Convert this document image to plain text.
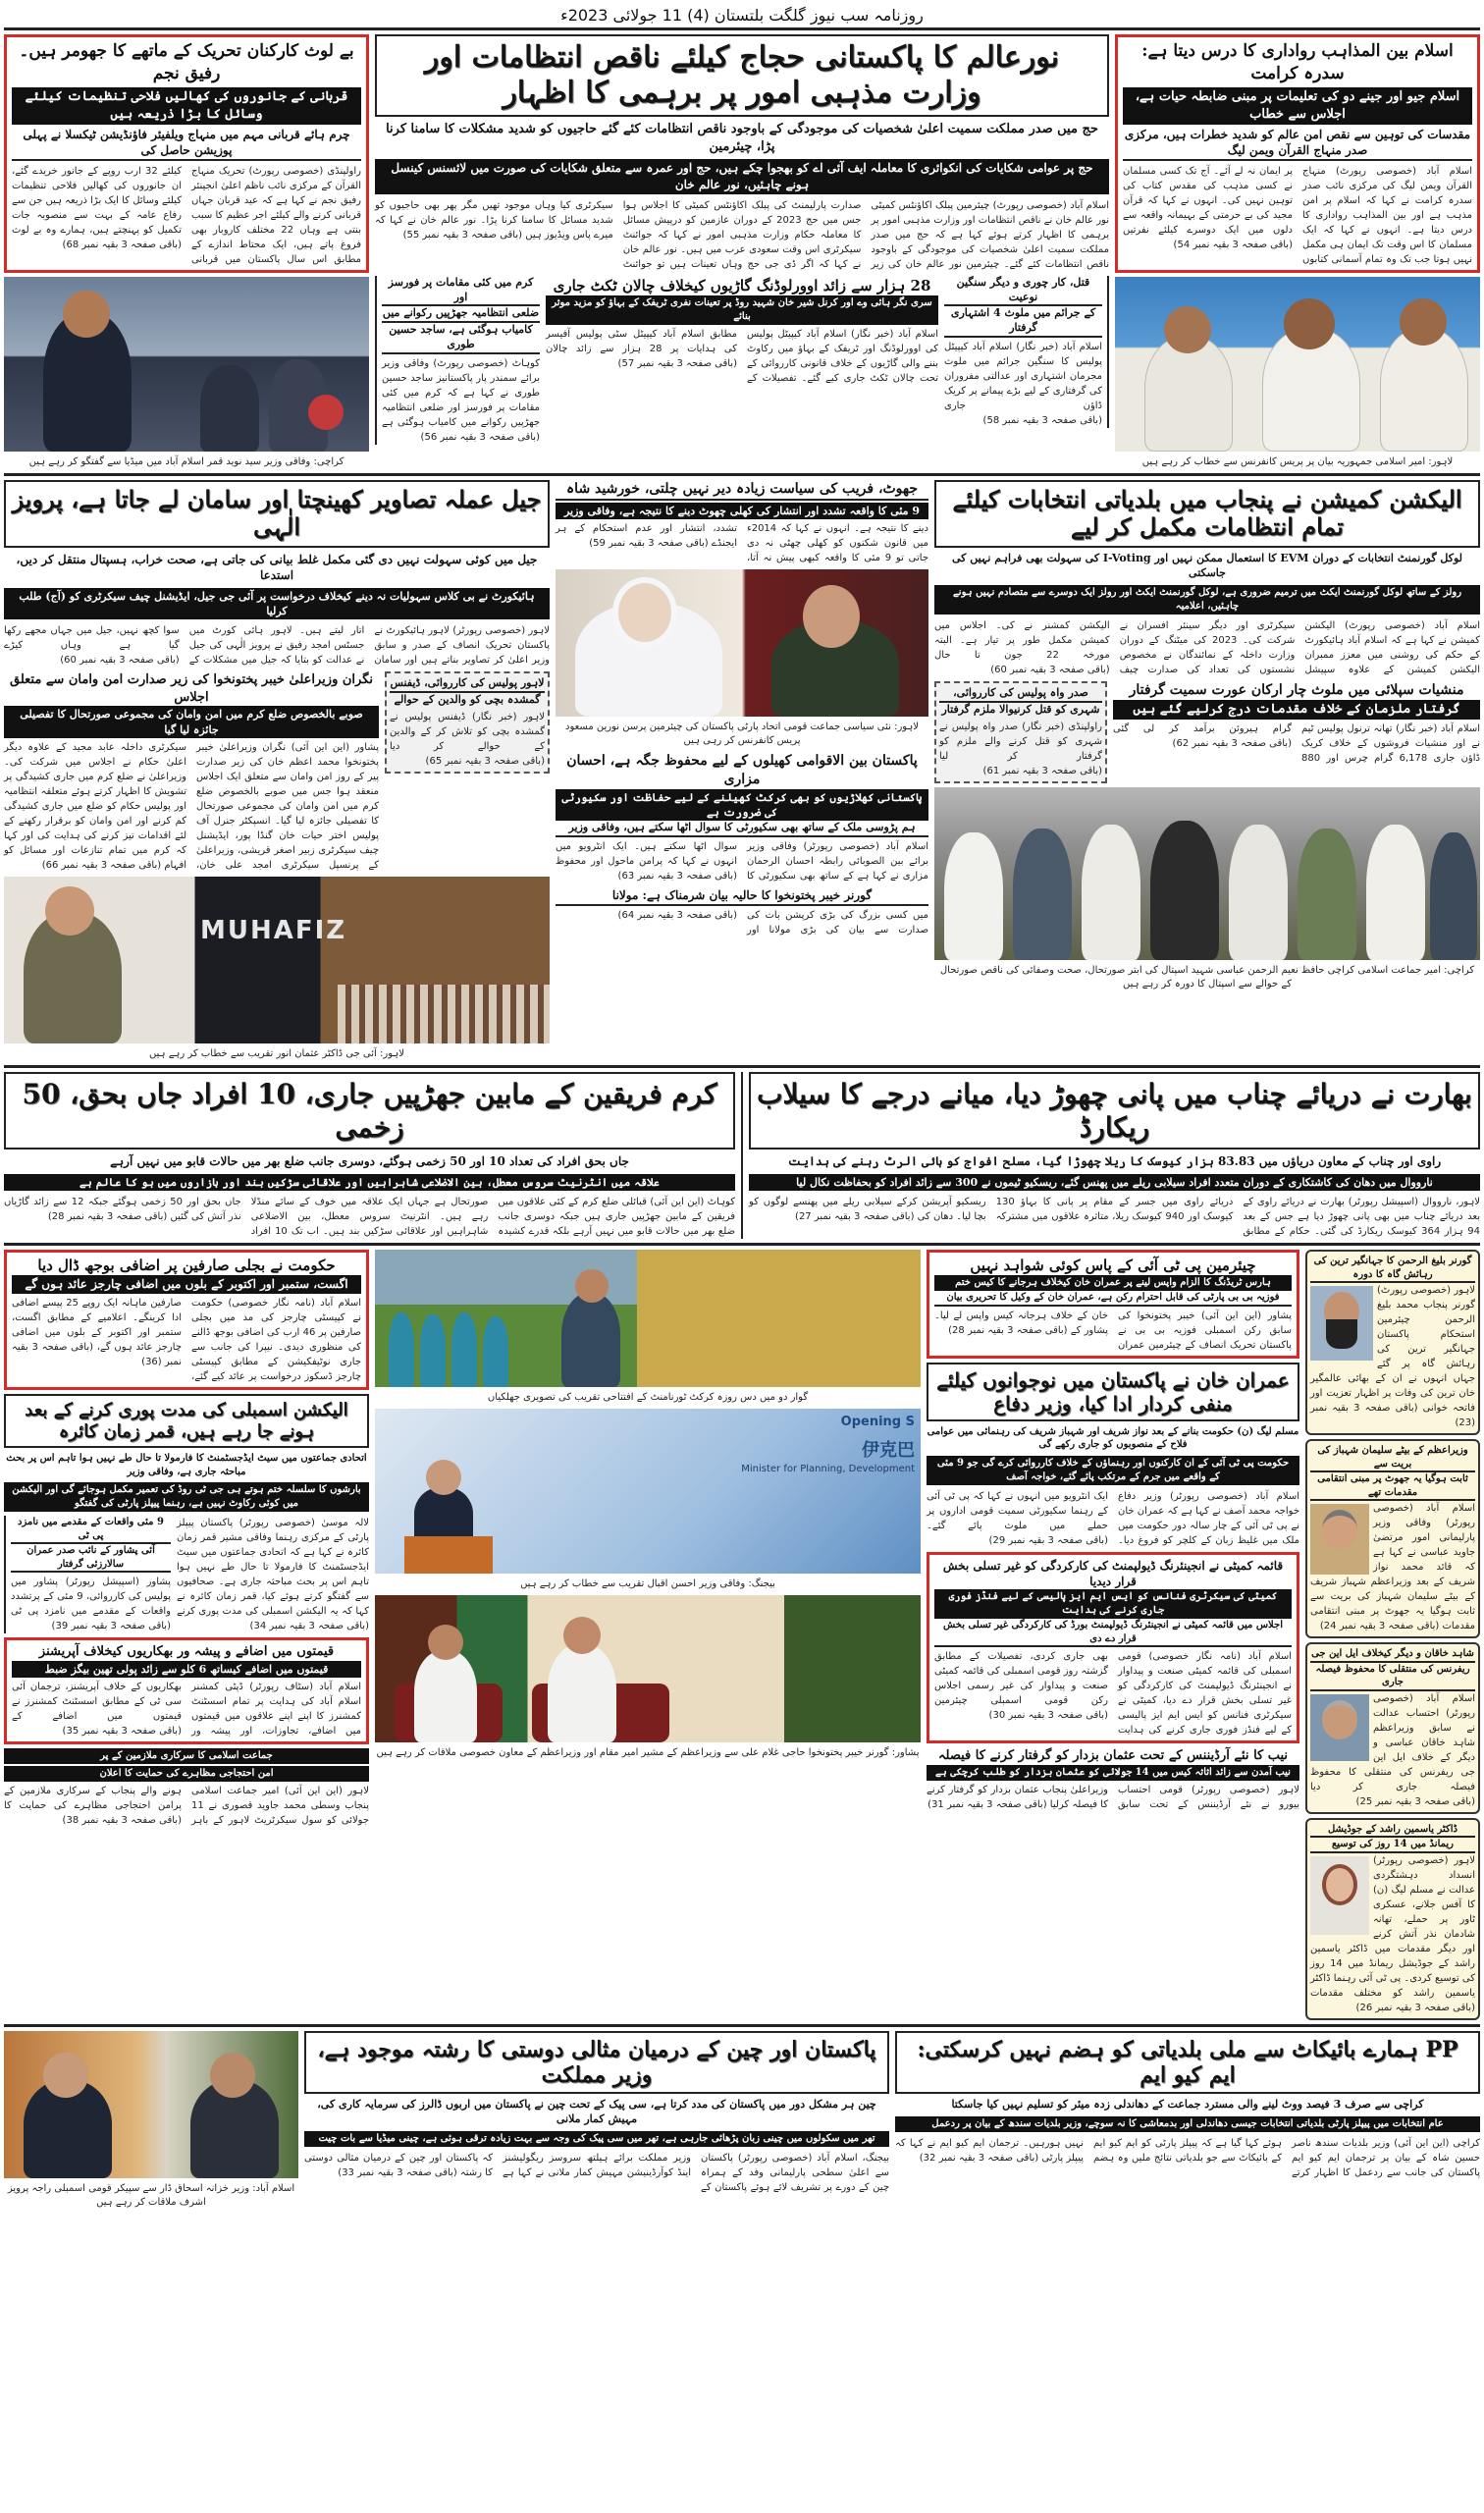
روزنامہ سب نیوز گلگت بلتستان (4) 11 جولائی 2023ء
اسلام بین المذاہب رواداری کا درس دیتا ہے: سدرہ کرامت
اسلام جیو اور جینے دو کی تعلیمات پر مبنی ضابطہ حیات ہے، اجلاس سے خطاب
مقدسات کی توہین سے نقص امن عالم کو شدید خطرات ہیں، مرکزی صدر منہاج القرآن ویمن لیگ
اسلام آباد (خصوصی رپورٹ) منہاج القرآن ویمن لیگ کی مرکزی نائب صدر سدرہ کرامت نے کہا کہ اسلام پر امن مذہب ہے اور بین المذاہب رواداری کا درس دیتا ہے۔ انہوں نے کہا کہ ایک مسلمان کا اس وقت تک ایمان ہی مکمل نہیں ہوتا جب تک وہ تمام آسمانی کتابوں پر ایمان نہ لے آئے۔ آج تک کسی مسلمان نے کسی مذہب کی مقدس کتاب کی توہین نہیں کی۔ انہوں نے کہا کہ قرآن مجید کی بے حرمتی کے بہیمانہ واقعہ سے دلوں میں ایک دوسرے کیلئے نفرتیں (باقی صفحہ 3 بقیہ نمبر 54)
لاہور: امیر اسلامی جمہوریہ بیان پر پریس کانفرنس سے خطاب کر رہے ہیں
نورعالم کا پاکستانی حجاج کیلئے ناقص انتظامات اور وزارت مذہبی امور پر برہمی کا اظہار
حج میں صدر مملکت سمیت اعلیٰ شخصیات کی موجودگی کے باوجود ناقص انتظامات کئے گئے حاجیوں کو شدید مشکلات کا سامنا کرنا پڑا، چیئرمین
حج پر عوامی شکایات کی انکوائری کا معاملہ ایف آئی اے کو بھجوا چکے ہیں، حج اور عمرہ سے متعلق شکایات کی صورت میں لائسنس کینسل ہونے چاہئیں، نور عالم خان
اسلام آباد (خصوصی رپورٹ) چیئرمین پبلک اکاؤنٹس کمیٹی نور عالم خان نے ناقص انتظامات اور وزارت مذہبی امور پر برہمی کا اظہار کرتے ہوئے کہا ہے کہ حج میں صدر مملکت سمیت اعلیٰ شخصیات کی موجودگی کے باوجود ناقص انتظامات کئے گئے۔ چیئرمین نور عالم خان کی زیر صدارت پارلیمنٹ کی پبلک اکاؤنٹس کمیٹی کا اجلاس ہوا جس میں حج 2023 کے دوران عازمین کو درپیش مسائل کا معاملہ حکام وزارت مذہبی امور نے کہا کہ جوائنٹ سیکرٹری اس وقت سعودی عرب میں ہیں۔ نور عالم خان نے کہا کہ اگر ڈی جی حج وہاں تعینات ہیں تو جوائنٹ سیکرٹری کیا وہاں موجود تھیں مگر پھر بھی حاجیوں کو شدید مسائل کا سامنا کرنا پڑا۔ نور عالم خان نے کہا کہ میرے پاس ویڈیوز ہیں (باقی صفحہ 3 بقیہ نمبر 55)
قتل، کار چوری و دیگر سنگین نوعیت
کے جرائم میں ملوث 4 اشتہاری گرفتار
اسلام آباد (خبر نگار) اسلام آباد کیپیٹل پولیس کا سنگین جرائم میں ملوث مجرمان اشتہاری اور عدالتی مفروران کی گرفتاری کے لیے بڑے پیمانے پر کریک ڈاؤن جاری (باقی صفحہ 3 بقیہ نمبر 58)
28 ہزار سے زائد اوورلوڈنگ گاڑیوں کیخلاف چالان ٹکٹ جاری
سری نگر ہائی وے اور کرنل شیر خان شہید روڈ پر تعینات نفری ٹریفک کے بہاؤ کو مزید موثر بنائے
اسلام آباد (خبر نگار) اسلام آباد کیپیٹل پولیس کی اوورلوڈنگ اور ٹریفک کے بہاؤ میں رکاوٹ بننے والی گاڑیوں کے خلاف قانونی کارروائی کے تحت چالان ٹکٹ جاری کیے گئے۔ تفصیلات کے مطابق اسلام آباد کیپیٹل سٹی پولیس آفیسر کی ہدایات پر 28 ہزار سے زائد چالان (باقی صفحہ 3 بقیہ نمبر 57)
کرم میں کئی مقامات پر فورسز اور
ضلعی انتظامیہ جھڑپیں رکوانے میں
کامیاب ہوگئی ہے، ساجد حسین طوری
کوہاٹ (خصوصی رپورٹ) وفاقی وزیر برائے سمندر پار پاکستانیز ساجد حسین طوری نے کہا ہے کہ کرم میں کئی مقامات پر فورسز اور ضلعی انتظامیہ جھڑپیں رکوانے میں کامیاب ہوگئی ہے (باقی صفحہ 3 بقیہ نمبر 56)
بے لوث کارکنان تحریک کے ماتھے کا جھومر ہیں۔ رفیق نجم
قربانی کے جانوروں کی کھالیں فلاحی تنظیمات کیلئے وسائل کا بڑا ذریعہ ہیں
چرم ہائے قربانی مہم میں منہاج ویلفیئر فاؤنڈیشن ٹیکسلا نے پہلی پوزیشن حاصل کی
راولپنڈی (خصوصی رپورٹ) تحریک منہاج القرآن کے مرکزی نائب ناظم اعلیٰ انجینئر رفیق نجم نے کہا ہے کہ عید قربان جہاں قربانی کرنے والے کیلئے اجر عظیم کا سبب بنتی ہے وہاں 22 مختلف کاروبار بھی فروغ پاتے ہیں، ایک محتاط اندازے کے مطابق اس سال پاکستان میں قربانی کیلئے 32 ارب روپے کے جانور خریدے گئے، ان جانوروں کی کھالیں فلاحی تنظیمات کیلئے وسائل کا ایک بڑا ذریعہ ہیں جن سے رفاع عامہ کے بہت سے منصوبہ جات تکمیل کو پہنچتے ہیں، ہمارے وہ بے لوث (باقی صفحہ 3 بقیہ نمبر 68)
کراچی: وفاقی وزیر سید نوید قمر اسلام آباد میں میڈیا سے گفتگو کر رہے ہیں
الیکشن کمیشن نے پنجاب میں بلدیاتی انتخابات کیلئے تمام انتظامات مکمل کر لیے
لوکل گورنمنٹ انتخابات کے دوران EVM کا استعمال ممکن نہیں اور I-Voting کی سہولت بھی فراہم نہیں کی جاسکتی
رولز کے ساتھ لوکل گورنمنٹ ایکٹ میں ترمیم ضروری ہے، لوکل گورنمنٹ ایکٹ اور رولز ایک دوسرے سے متصادم نہیں ہونے چاہئیں، اعلامیہ
اسلام آباد (خصوصی رپورٹ) الیکشن کمیشن نے کہا ہے کہ اسلام آباد ہائیکورٹ کے حکم کی روشنی میں معزز ممبران الیکشن کمیشن کے علاوہ سپیشل سیکرٹری اور دیگر سینئر افسران نے شرکت کی۔ 2023 کی میٹنگ کے دوران وزارت داخلہ کے نمائندگان نے مخصوص نشستوں کی تعداد کی صدارت چیف الیکشن کمشنر نے کی۔ اجلاس میں کمیشن مکمل طور پر تیار ہے۔ البتہ مورخہ 22 جون تا حال (باقی صفحہ 3 بقیہ نمبر 60)
منشیات سپلائی میں ملوث چار ارکان عورت سمیت گرفتار
گرفتار ملزمان کے خلاف مقدمات درج کرلیے گئے ہیں
اسلام آباد (خبر نگار) تھانہ ترنول پولیس ٹیم نے اور منشیات فروشوں کے خلاف کریک ڈاؤن جاری 6,178 گرام چرس اور 880 گرام ہیروئن برآمد کر لی گئی (باقی صفحہ 3 بقیہ نمبر 62)
صدر واہ پولیس کی کارروائی،
شہری کو قتل کرنیوالا ملزم گرفتار
راولپنڈی (خبر نگار) صدر واہ پولیس نے شہری کو قتل کرنے والے ملزم کو گرفتار کر لیا (باقی صفحہ 3 بقیہ نمبر 61)
کراچی: امیر جماعت اسلامی کراچی حافظ نعیم الرحمن عباسی شہید اسپتال کی ابتر صورتحال، صحت وصفائی کی ناقص صورتحال کے حوالے سے اسپتال کا دورہ کر رہے ہیں
جھوٹ، فریب کی سیاست زیادہ دیر نہیں چلتی، خورشید شاہ
9 مئی کا واقعہ تشدد اور انتشار کی کھلی چھوٹ دینے کا نتیجہ ہے، وفاقی وزیر
دینے کا نتیجہ ہے۔ انہوں نے کہا کہ 2014ء میں قانون شکنوں کو کھلی چھٹی نہ دی جاتی تو 9 مئی کا واقعہ کبھی پیش نہ آتا، تشدد، انتشار اور عدم استحکام کے ہر ایجنڈے (باقی صفحہ 3 بقیہ نمبر 59)
لاہور: نئی سیاسی جماعت قومی اتحاد پارٹی پاکستان کی چیئرمین پرسن نورین مسعود پریس کانفرنس کر رہی ہیں
پاکستان بین الاقوامی کھیلوں کے لیے محفوظ جگہ ہے، احسان مزاری
پاکستانی کھلاڑیوں کو بھی کرکٹ کھیلنے کے لیے حفاظت اور سکیورٹی کی ضرورت ہے
ہم پڑوسی ملک کے ساتھ بھی سکیورٹی کا سوال اٹھا سکتے ہیں، وفاقی وزیر
اسلام آباد (خصوصی رپورٹر) وفاقی وزیر برائے بین الصوبائی رابطہ احسان الرحمان مزاری نے کہا ہے کے ساتھ بھی سکیورٹی کا سوال اٹھا سکتے ہیں۔ ایک انٹرویو میں انہوں نے کہا کہ پرامن ماحول اور محفوظ (باقی صفحہ 3 بقیہ نمبر 63)
گورنر خیبر پختونخوا کا حالیہ بیان شرمناک ہے: مولانا
میں کسی بزرگ کی بڑی کرپشن بات کی صدارت سے بیان کی بڑی مولانا اور (باقی صفحہ 3 بقیہ نمبر 64)
جیل عملہ تصاویر کھینچتا اور سامان لے جاتا ہے، پرویز الٰہی
جیل میں کوئی سہولت نہیں دی گئی مکمل غلط بیانی کی جاتی ہے، صحت خراب، ہسپتال منتقل کر دیں، استدعا
ہائیکورٹ نے بی کلاس سہولیات نہ دینے کیخلاف درخواست پر آئی جی جیل، ایڈیشنل چیف سیکرٹری کو (آج) طلب کرلیا
لاہور (خصوصی رپورٹر) لاہور ہائیکورٹ نے پاکستان تحریک انصاف کے صدر و سابق وزیر اعلیٰ کر تصاویر بناتے ہیں اور سامان اتار لیتے ہیں۔ لاہور ہائی کورٹ میں جسٹس امجد رفیق نے پرویز الٰہی کی جیل نے عدالت کو بتایا کہ جیل میں مشکلات کے سوا کچھ نہیں، جیل میں جہاں مجھے رکھا گیا ہے وہاں کیڑے (باقی صفحہ 3 بقیہ نمبر 60)
لاہور پولیس کی کارروائی، ڈیفنس
گمشدہ بچی کو والدین کے حوالے
لاہور (خبر نگار) ڈیفنس پولیس نے گمشدہ بچی کو تلاش کر کے والدین کے حوالے کر دیا (باقی صفحہ 3 بقیہ نمبر 65)
نگران وزیراعلیٰ خیبر پختونخوا کی زیر صدارت امن وامان سے متعلق اجلاس
صوبے بالخصوص ضلع کرم میں امن وامان کی مجموعی صورتحال کا تفصیلی جائزہ لیا گیا
پشاور (این این آئی) نگران وزیراعلیٰ خیبر پختونخوا محمد اعظم خان کی زیر صدارت پیر کے روز امن وامان سے متعلق ایک اجلاس منعقد ہوا جس میں صوبے بالخصوص ضلع کرم میں امن وامان کی مجموعی صورتحال کا تفصیلی جائزہ لیا گیا۔ انسپکٹر جنرل آف پولیس اختر حیات خان گنڈا پور، ایڈیشنل چیف سیکرٹری زبیر اصغر قریشی، وزیراعلیٰ کے پرنسپل سیکرٹری امجد علی خان، سیکرٹری داخلہ عابد مجید کے علاوہ دیگر اعلیٰ حکام نے اجلاس میں شرکت کی۔ وزیراعلیٰ نے ضلع کرم میں جاری کشیدگی پر تشویش کا اظہار کرتے ہوئے متعلقہ انتظامیہ اور پولیس حکام کو ضلع میں جاری کشیدگی کم کرنے اور امن وامان کو برقرار رکھنے کے لئے اقدامات تیز کرنے کی ہدایت کی اور کہا کہ کرم میں تمام تنازعات اور مسائل کو افہام (باقی صفحہ 3 بقیہ نمبر 66)
MUHAFIZ
لاہور: آئی جی ڈاکٹر عثمان انور تقریب سے خطاب کر رہے ہیں
بھارت نے دریائے چناب میں پانی چھوڑ دیا، میانے درجے کا سیلاب ریکارڈ
راوی اور چناب کے معاون دریاؤں میں 83.83 ہزار کیوسک کا ریلا چھوڑا گیا، مسلح افواج کو ہائی الرٹ رہنے کی ہدایت
نارووال میں دھان کی کاشتکاری کے دوران متعدد افراد سیلابی ریلے میں پھنس گئے، ریسکیو ٹیموں نے 300 سے زائد افراد کو بحفاظت نکال لیا
لاہور، نارووال (اسپیشل رپورٹر) بھارت نے دریائے راوی کے بعد دریائے چناب میں بھی پانی چھوڑ دیا ہے جس کے بعد 94 ہزار 364 کیوسک ریکارڈ کی گئی۔ حکام کے مطابق دریائے راوی میں جسر کے مقام پر پانی کا بہاؤ 130 کیوسک اور 940 کیوسک ریلا، متاثرہ علاقوں میں مشترکہ ریسکیو آپریشن کرکے سیلابی ریلے میں پھنسے لوگوں کو بچا لیا۔ دھان کی (باقی صفحہ 3 بقیہ نمبر 27)
کرم فریقین کے مابین جھڑپیں جاری، 10 افراد جاں بحق، 50 زخمی
جاں بحق افراد کی تعداد 10 اور 50 زخمی ہوگئے، دوسری جانب ضلع بھر میں حالات قابو میں نہیں آرہے
علاقہ میں انٹرنیٹ سروس معطل، بین الاضلاعی شاہراہیں اور علاقائی سڑکیں بند اور بازاروں میں ہو کا عالم ہے
کوہاٹ (این این آئی) قبائلی ضلع کرم کے کئی علاقوں میں فریقین کے مابین جھڑپیں جاری ہیں جبکہ دوسری جانب ضلع بھر میں حالات قابو میں نہیں آرہے بلکہ قدرے کشیدہ صورتحال ہے جہاں ایک علاقہ میں خوف کے سائے منڈلا رہے ہیں۔ انٹرنیٹ سروس معطل، بین الاضلاعی شاہراہیں اور علاقائی سڑکیں بند ہیں۔ اب تک 10 افراد جاں بحق اور 50 زخمی ہوگئے جبکہ 12 سے زائد گاڑیاں نذر آتش کی گئیں (باقی صفحہ 3 بقیہ نمبر 28)
گورنر بلیغ الرحمن کا جہانگیر ترین کی رہائش گاہ کا دورہ
لاہور (خصوصی رپورٹ) گورنر پنجاب محمد بلیغ الرحمن چیئرمین استحکام پاکستان جہانگیر ترین کی رہائش گاہ پر گئے جہاں انہوں نے ان کے بھائی عالمگیر خان ترین کی وفات پر اظہار تعزیت اور فاتحہ خوانی (باقی صفحہ 3 بقیہ نمبر (23)
وزیراعظم کے بیٹے سلیمان شہباز کی بریت سے
ثابت ہوگیا یہ جھوٹ پر مبنی انتقامی مقدمات تھے
اسلام آباد (خصوصی رپورٹر) وفاقی وزیر پارلیمانی امور مرتضیٰ جاوید عباسی نے کہا ہے کہ قائد محمد نواز شریف کے بعد وزیراعظم شہباز شریف کے بیٹے سلیمان شہباز کی بریت سے ثابت ہوگیا یہ جھوٹ پر مبنی انتقامی مقدمات (باقی صفحہ 3 بقیہ نمبر 24)
شاہد خاقان و دیگر کیخلاف ایل این جی
ریفرنس کی منتقلی کا محفوظ فیصلہ جاری
اسلام آباد (خصوصی رپورٹر) احتساب عدالت نے سابق وزیراعظم شاہد خاقان عباسی و دیگر کے خلاف ایل این جی ریفرنس کی منتقلی کا محفوظ فیصلہ جاری کر دیا (باقی صفحہ 3 بقیہ نمبر 25)
ڈاکٹر یاسمین راشد کے جوڈیشل
ریمانڈ میں 14 روز کی توسیع
لاہور (خصوصی رپورٹر) انسداد دہشتگردی عدالت نے مسلم لیگ (ن) کا آفس جلانے، عسکری ٹاور پر حملے، تھانہ شادمان نذر آتش کرنے اور دیگر مقدمات میں ڈاکٹر یاسمین راشد کے جوڈیشل ریمانڈ میں 14 روز کی توسیع کردی۔ پی ٹی آئی رہنما ڈاکٹر یاسمین راشد کو مختلف مقدمات (باقی صفحہ 3 بقیہ نمبر 26)
چیئرمین پی ٹی آئی کے پاس کوئی شواہد نہیں
ہارس ٹریڈنگ کا الزام واپس لینے پر عمران خان کیخلاف ہرجانے کا کیس ختم
فوزیہ بی بی پارٹی کی قابل احترام رکن ہے، عمران خان کے وکیل کا تحریری بیان
پشاور (این این آئی) خیبر پختونخوا کی سابق رکن اسمبلی فوزیہ بی بی نے پاکستان تحریک انصاف کے چیئرمین عمران خان کے خلاف ہرجانہ کیس واپس لے لیا۔ پشاور کے (باقی صفحہ 3 بقیہ نمبر 28)
عمران خان نے پاکستان میں نوجوانوں کیلئے منفی کردار ادا کیا، وزیر دفاع
مسلم لیگ (ن) حکومت بنانے کے بعد نواز شریف اور شہباز شریف کی رہنمائی میں عوامی فلاح کے منصوبوں کو جاری رکھے گی
حکومت پی ٹی آئی کے ان کارکنوں اور رہنماؤں کے خلاف کارروائی کرے گی جو 9 مئی کے واقعے میں جرم کے مرتکب پائے گئے، خواجہ آصف
اسلام آباد (خصوصی رپورٹر) وزیر دفاع خواجہ محمد آصف نے کہا ہے کہ عمران خان نے پی ٹی آئی کے چار سالہ دور حکومت میں ملک میں غلیظ زبان کے کلچر کو فروغ دیا۔ ایک انٹرویو میں انہوں نے کہا کہ پی ٹی آئی کے رہنما سکیورٹی سمیت قومی اداروں پر حملے میں ملوث پائے گئے۔ (باقی صفحہ 3 بقیہ نمبر 29)
قائمہ کمیٹی نے انجینئرنگ ڈیولپمنٹ کی کارکردگی کو غیر تسلی بخش قرار دیدیا
کمیٹی کی سیکرٹری فنانس کو ایس ایم ایز پالیسی کے لیے فنڈز فوری جاری کرنے کی ہدایت
اجلاس میں قائمہ کمیٹی نے انجینئرنگ ڈیولپمنٹ بورڈ کی کارکردگی غیر تسلی بخش قرار دے دی
اسلام آباد (نامہ نگار خصوصی) قومی اسمبلی کی قائمہ کمیٹی صنعت و پیداوار نے انجینئرنگ ڈیولپمنٹ کی کارکردگی کو غیر تسلی بخش قرار دے دیا، کمیٹی نے سیکرٹری فنانس کو ایس ایم ایز پالیسی کے لیے فنڈز فوری جاری کرنے کی ہدایت بھی جاری کردی، تفصیلات کے مطابق گزشتہ روز قومی اسمبلی کی قائمہ کمیٹی صنعت و پیداوار کی غیر رسمی اجلاس رکن قومی اسمبلی چیئرمین (باقی صفحہ 3 بقیہ نمبر 30)
نیب کا نئے آرڈیننس کے تحت عثمان بزدار کو گرفتار کرنے کا فیصلہ
نیب آمدن سے زائد اثاثہ کیس میں 14 جولائی کو عثمان بزدار کو طلب کرچکی ہے
لاہور (خصوصی رپورٹر) قومی احتساب بیورو نے نئے آرڈیننس کے تحت سابق وزیراعلیٰ پنجاب عثمان بزدار کو گرفتار کرنے کا فیصلہ کرلیا (باقی صفحہ 3 بقیہ نمبر 31)
گوار دو میں دس روزہ کرکٹ ٹورنامنٹ کے افتتاحی تقریب کی تصویری جھلکیاں
Opening S
伊克巴
Minister for Planning, Development
بیجنگ: وفاقی وزیر احسن اقبال تقریب سے خطاب کر رہے ہیں
پشاور: گورنر خیبر پختونخوا حاجی غلام علی سے وزیراعظم کے مشیر امیر مقام اور وزیراعظم کے معاون خصوصی ملاقات کر رہے ہیں
حکومت نے بجلی صارفین پر اضافی بوجھ ڈال دیا
اگست، ستمبر اور اکتوبر کے بلوں میں اضافی چارجز عائد ہوں گے
اسلام آباد (نامہ نگار خصوصی) حکومت نے کپیسٹی چارجز کی مد میں بجلی صارفین پر 46 ارب کی اضافی بوجھ ڈالنے کی منظوری دیدی۔ نیپرا کی جانب سے جاری نوٹیفکیشن کے مطابق کپیسٹی چارجز ڈسکوز درخواست پر عائد کیے گئے، صارفین ماہانہ ایک روپے 25 پیسے اضافی ادا کرینگے۔ اعلامیے کے مطابق اگست، ستمبر اور اکتوبر کے بلوں میں اضافی چارجز عائد ہوں گے، (باقی صفحہ 3 بقیہ نمبر (36)
الیکشن اسمبلی کی مدت پوری کرنے کے بعد ہونے جا رہے ہیں، قمر زمان کائرہ
اتحادی جماعتوں میں سیٹ ایڈجسٹمنٹ کا فارمولا تا حال طے نہیں ہوا تاہم اس پر بحث مباحثہ جاری ہے، وفاقی وزیر
بارشوں کا سلسلہ ختم ہوتے ہی جی ٹی روڈ کی تعمیر مکمل ہوجائے گی اور الیکشن میں کوئی رکاوٹ نہیں ہے، رہنما پیپلز پارٹی کی گفتگو
لالہ موسیٰ (خصوصی رپورٹر) پاکستان پیپلز پارٹی کے مرکزی رہنما وفاقی مشیر قمر زمان کائرہ نے کہا ہے کہ اتحادی جماعتوں میں سیٹ ایڈجسٹمنٹ کا فارمولا تا حال طے نہیں ہوا تاہم اس پر بحث مباحثہ جاری ہے۔ صحافیوں سے گفتگو کرتے ہوئے کیا، قمر زمان کائرہ نے کہا کہ یہ الیکشن اسمبلی کی مدت پوری کرنے (باقی صفحہ 3 بقیہ نمبر 34)
9 مئی واقعات کے مقدمے میں نامزد پی ٹی
آئی پشاور کے نائب صدر عمران سالارزئی گرفتار
پشاور (اسپیشل رپورٹر) پشاور میں پولیس کی کارروائی، 9 مئی کے پرتشدد واقعات کے مقدمے میں نامزد پی ٹی (باقی صفحہ 3 بقیہ نمبر 39)
قیمتوں میں اضافے و پیشہ ور بھکاریوں کیخلاف آپریشنز
قیمتوں میں اضافے کیساتھ 6 کلو سے زائد پولی تھین بیگز ضبط
اسلام آباد (سٹاف رپورٹر) ڈپٹی کمشنر اسلام آباد کی ہدایت پر تمام اسسٹنٹ کمشنرز کا اپنے اپنے علاقوں میں قیمتوں میں اضافے، تجاوزات، اور پیشہ ور بھکاریوں کے خلاف آپریشنز، ترجمان آئی سی ٹی کے مطابق اسسٹنٹ کمشنرز نے قیمتوں میں اضافے کے (باقی صفحہ 3 بقیہ نمبر 35)
جماعت اسلامی کا سرکاری ملازمین کے پر
امن احتجاجی مظاہرے کی حمایت کا اعلان
لاہور (این این آئی) امیر جماعت اسلامی پنجاب وسطی محمد جاوید قصوری نے 11 جولائی کو سول سیکرٹریٹ لاہور کے باہر ہونے والے پنجاب کے سرکاری ملازمین کے پرامن احتجاجی مظاہرے کی حمایت کا (باقی صفحہ 3 بقیہ نمبر 38)
PP ہمارے بائیکاٹ سے ملی بلدیاتی کو ہضم نہیں کرسکتی: ایم کیو ایم
کراچی سے صرف 3 فیصد ووٹ لینے والی مسترد جماعت کے دھاندلی زدہ میئر کو تسلیم نہیں کیا جاسکتا
عام انتخابات میں پیپلز پارٹی بلدیاتی انتخابات جیسی دھاندلی اور بدمعاشی کا نہ سوچے، وزیر بلدیات سندھ کے بیان پر ردعمل
کراچی (این این آئی) وزیر بلدیات سندھ ناصر حسین شاہ کے بیان پر ترجمان ایم کیو ایم پاکستان کی جانب سے ردعمل کا اظہار کرتے ہوئے کہا گیا ہے کہ پیپلز پارٹی کو ایم کیو ایم کے بائیکاٹ سے جو بلدیاتی نتائج ملیں وہ ہضم نہیں ہورہیں۔ ترجمان ایم کیو ایم نے کہا کہ پیپلز پارٹی (باقی صفحہ 3 بقیہ نمبر 32)
پاکستان اور چین کے درمیان مثالی دوستی کا رشتہ موجود ہے، وزیر مملکت
چین ہر مشکل دور میں پاکستان کی مدد کرتا ہے، سی پیک کے تحت چین نے پاکستان میں اربوں ڈالرز کی سرمایہ کاری کی، مہیش کمار ملانی
تھر میں سکولوں میں چینی زبان پڑھائی جارہی ہے، تھر میں سی پیک کی وجہ سے بہت زیادہ ترقی ہوئی ہے، چینی میڈیا سے بات چیت
بیجنگ، اسلام آباد (خصوصی رپورٹر) پاکستان سے اعلیٰ سطحی پارلیمانی وفد کے ہمراہ چین کے دورے پر تشریف لائے ہوئے پاکستان کے وزیر مملکت برائے ہیلتھ سروسز ریگولیشنز اینڈ کوآرڈینیشن مہیش کمار ملانی نے کہا ہے کہ پاکستان اور چین کے درمیان مثالی دوستی کا رشتہ (باقی صفحہ 3 بقیہ نمبر 33)
اسلام آباد: وزیر خزانہ اسحاق ڈار سے سپیکر قومی اسمبلی راجہ پرویز اشرف ملاقات کر رہے ہیں
